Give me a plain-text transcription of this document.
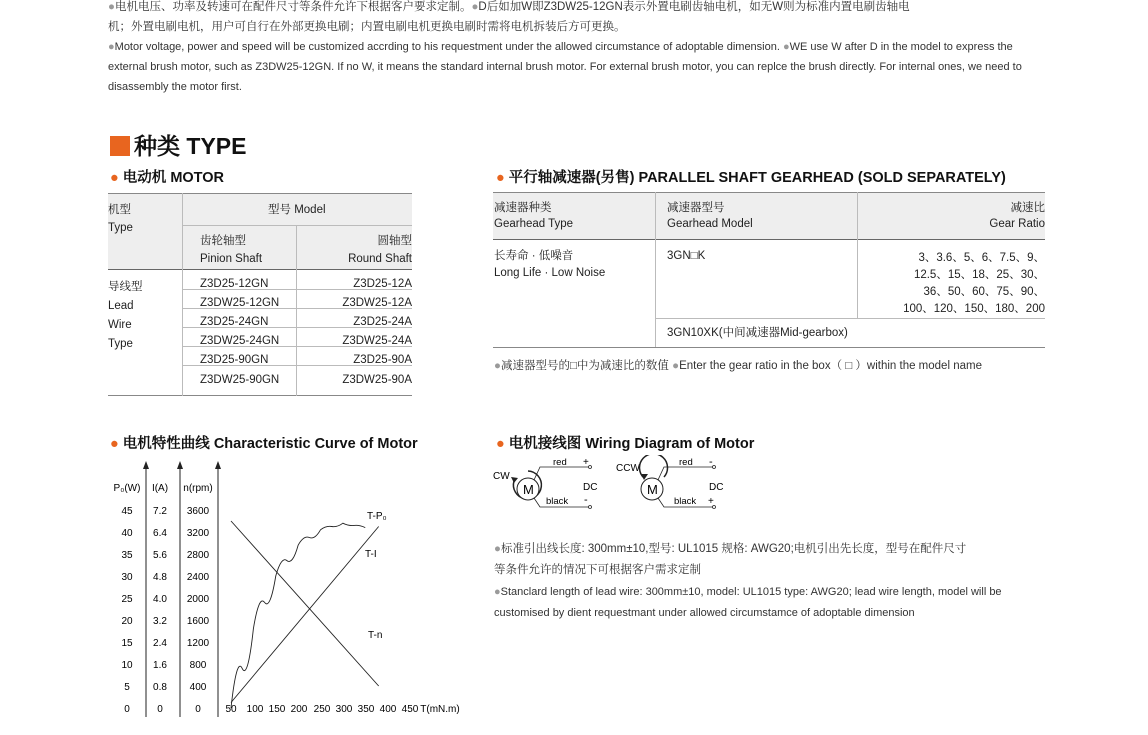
●电机电压、功率及转速可在配件尺寸等条件允许下根据客户要求定制。●D后如加W即Z3DW25-12GN表示外置电刷齿轴电机，如无W则为标准内置电刷齿轴电
机；外置电刷电机，用户可自行在外部更换电刷；内置电刷电机更换电刷时需将电机拆装后方可更换。
●Motor voltage, power and speed will be customized accrding to his requestment under the allowed circumstance of adoptable dimension. ●WE use W after D in the model to express the
external brush motor, such as Z3DW25-12GN. If no W, it means the standard internal brush motor. For external brush motor, you can replce the brush directly. For internal ones, we need to
disassembly the motor first.
种类 TYPE
● 电动机 MOTOR
机型
Type
型号 Model
齿轮轴型
Pinion Shaft
圆轴型
Round Shaft
导线型
Lead
Wire
Type
Z3D25-12GN	Z3D25-12A
Z3DW25-12GN	Z3DW25-12A
Z3D25-24GN	Z3D25-24A
Z3DW25-24GN	Z3DW25-24A
Z3D25-90GN	Z3D25-90A
Z3DW25-90GN	Z3DW25-90A
● 平行轴减速器(另售) PARALLEL SHAFT GEARHEAD (SOLD SEPARATELY)
减速器种类
Gearhead Type
减速器型号
Gearhead Model
减速比
Gear Ratio
长寿命 · 低噪音
Long Life · Low Noise
3GN□K	3、3.6、5、6、7.5、9、
12.5、15、18、25、30、
36、50、60、75、90、
100、120、150、180、200
3GN10XK(中间减速器Mid-gearbox)
●减速器型号的□中为减速比的数值 ●Enter the gear ratio in the box（ □ ）within the model name
● 电机特性曲线 Characteristic Curve of Motor
P₀(W)
0
5
10
15
20
25
30
35
40
45
I(A)
0
0.8
1.6
2.4
3.2
4.0
4.8
5.6
6.4
7.2
n(rpm)
0
400
800
1200
1600
2000
2400
2800
3200
3600
50 100 150 200 250 300 350 400 450 T(mN.m)
T-P₀
T-I
T-n
● 电机接线图 Wiring Diagram of Motor
CW
M
red
black
+
-
DC
CCW
M
red
black
-
+
DC
●标准引出线长度: 300mm±10,型号: UL1015 规格: AWG20;电机引出先长度，型号在配件尺寸
等条件允许的情况下可根据客户需求定制
●Stanclard length of lead wire: 300mm±10, model: UL1015 type: AWG20; lead wire length, model will be
customised by dient requestmant under allowed circumstamce of adoptable dimension
